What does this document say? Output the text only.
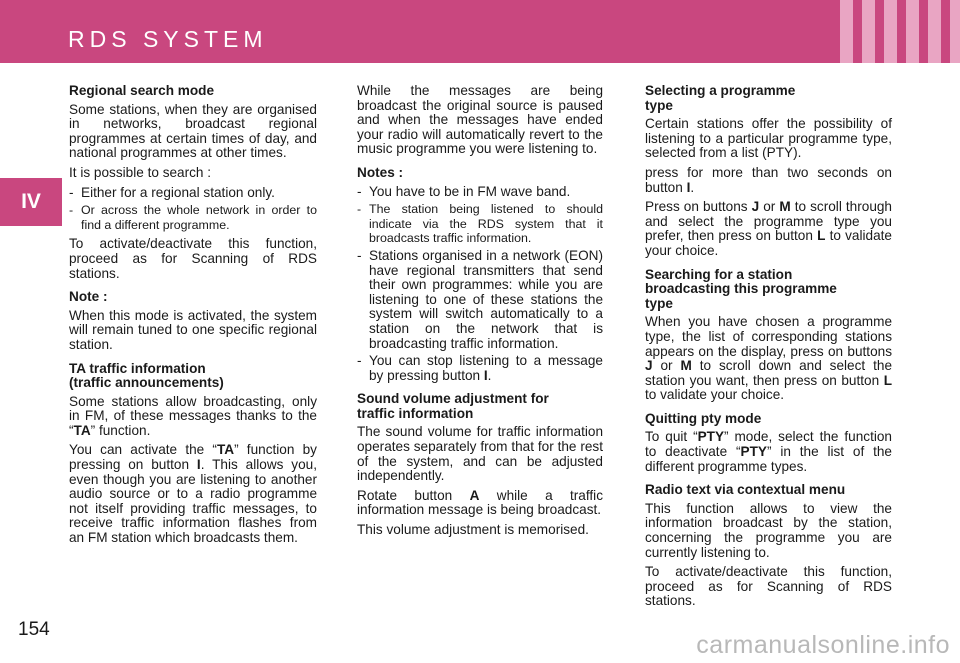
RDS SYSTEM
IV

Regional search mode

Some stations, when they are organised in networks, broadcast regional programmes at certain times of day, and national programmes at other times.

It is possible to search :

- Either for a regional station only.
- Or across the whole network in order to find a different programme.

To activate/deactivate this function, proceed as for Scanning of RDS stations.

Note :

When this mode is activated, the system will remain tuned to one specific regional station.

TA traffic information
(traffic announcements)

Some stations allow broadcasting, only in FM, of these messages thanks to the “TA” function.

You can activate the “TA” function by pressing on button I. This allows you, even though you are listening to another audio source or to a radio programme not itself providing traffic messages, to receive traffic information flashes from an FM station which broadcasts them.

While the messages are being broadcast the original source is paused and when the messages have ended your radio will automatically revert to the music programme you were listening to.

Notes :

- You have to be in FM wave band.
- The station being listened to should indicate via the RDS system that it broadcasts traffic information.
- Stations organised in a network (EON) have regional transmitters that send their own programmes: while you are listening to one of these stations the system will switch automatically to a station on the network that is broadcasting traffic information.
- You can stop listening to a message by pressing button I.

Sound volume adjustment for
traffic information

The sound volume for traffic information operates separately from that for the rest of the system, and can be adjusted independently.

Rotate button A while a traffic information message is being broadcast.

This volume adjustment is memorised.

Selecting a programme
type

Certain stations offer the possibility of listening to a particular programme type, selected from a list (PTY).

press for more than two seconds on button I.

Press on buttons J or M to scroll through and select the programme type you prefer, then press on button L to validate your choice.

Searching for a station
broadcasting this programme
type

When you have chosen a programme type, the list of corresponding stations appears on the display, press on buttons J or M to scroll down and select the station you want, then press on button L to validate your choice.

Quitting pty mode

To quit “PTY” mode, select the function to deactivate “PTY” in the list of the different programme types.

Radio text via contextual menu

This function allows to view the information broadcast by the station, concerning the programme you are currently listening to.

To activate/deactivate this function, proceed as for Scanning of RDS stations.

154
carmanualsonline.info
